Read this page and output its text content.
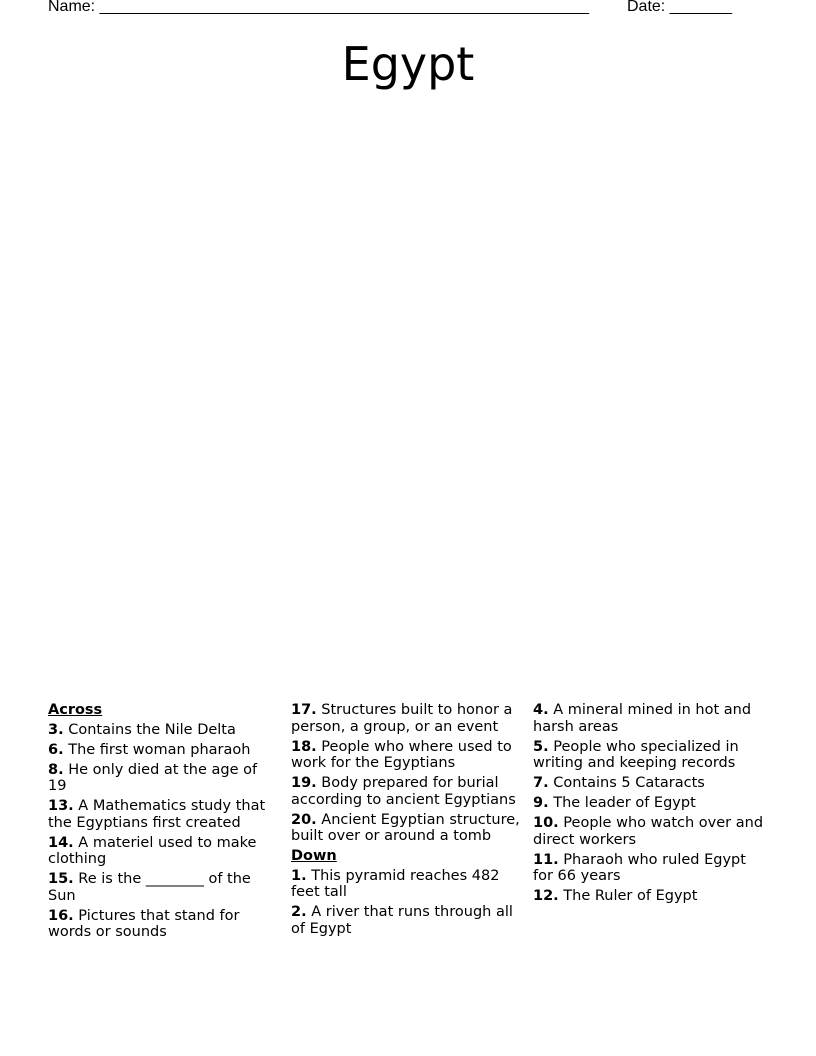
Name: _______________________________________________________ Date: _______
Egypt
Across
3. Contains the Nile Delta
6. The first woman pharaoh
8. He only died at the age of 19
13. A Mathematics study that the Egyptians first created
14. A materiel used to make clothing
15. Re is the ________ of the Sun
16. Pictures that stand for words or sounds
17. Structures built to honor a person, a group, or an event
18. People who where used to work for the Egyptians
19. Body prepared for burial according to ancient Egyptians
20. Ancient Egyptian structure, built over or around a tomb
Down
1. This pyramid reaches 482 feet tall
2. A river that runs through all of Egypt
4. A mineral mined in hot and harsh areas
5. People who specialized in writing and keeping records
7. Contains 5 Cataracts
9. The leader of Egypt
10. People who watch over and direct workers
11. Pharaoh who ruled Egypt for 66 years
12. The Ruler of Egypt
